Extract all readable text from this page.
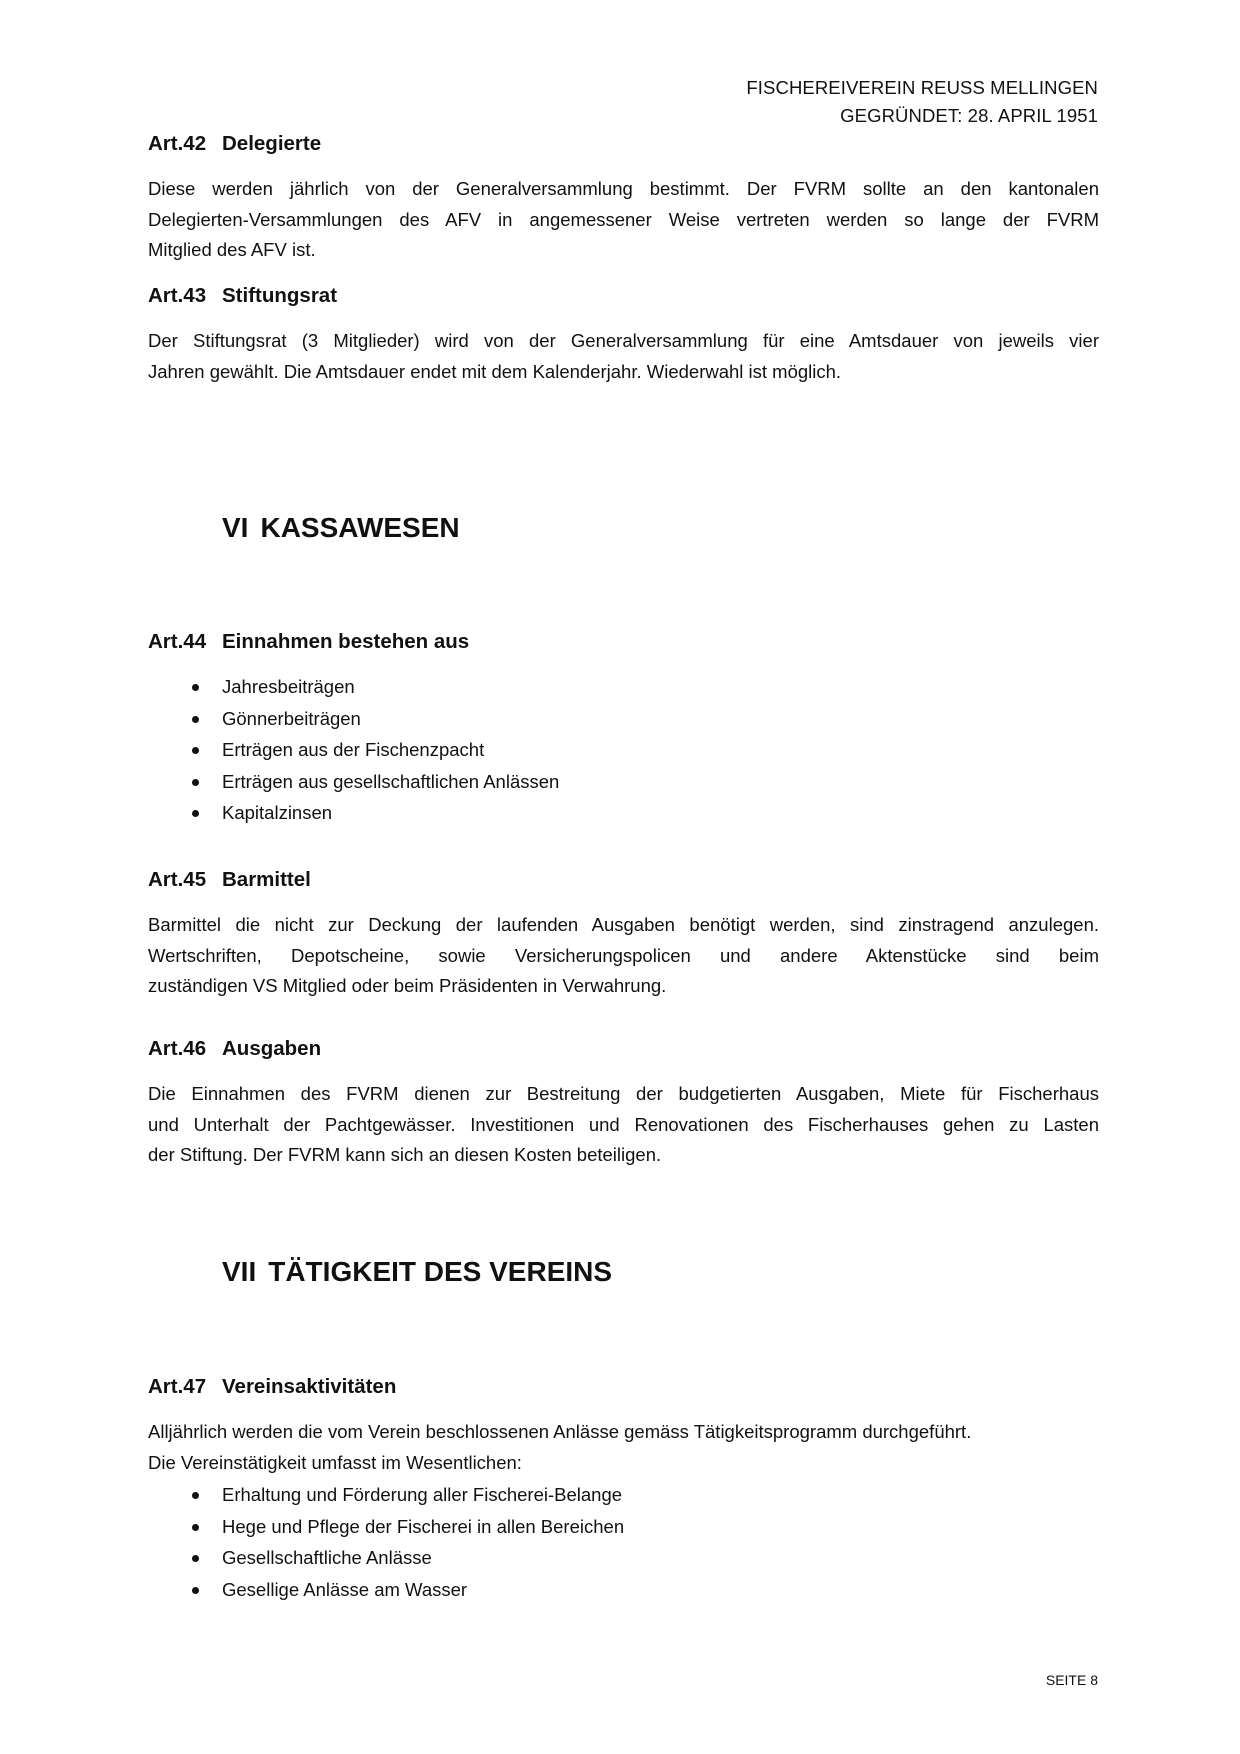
FISCHEREIVEREIN REUSS MELLINGEN
GEGRÜNDET: 28. APRIL 1951
Art.42 Delegierte
Diese werden jährlich von der Generalversammlung bestimmt. Der FVRM sollte an den kantonalen
Delegierten-Versammlungen des AFV in angemessener Weise vertreten werden so lange der FVRM
Mitglied des AFV ist.
Art.43 Stiftungsrat
Der Stiftungsrat (3 Mitglieder) wird von der Generalversammlung für eine Amtsdauer von jeweils vier
Jahren gewählt. Die Amtsdauer endet mit dem Kalenderjahr. Wiederwahl ist möglich.
VI KASSAWESEN
Art.44 Einnahmen bestehen aus
Jahresbeiträgen
Gönnerbeiträgen
Erträgen aus der Fischenzpacht
Erträgen aus gesellschaftlichen Anlässen
Kapitalzinsen
Art.45 Barmittel
Barmittel die nicht zur Deckung der laufenden Ausgaben benötigt werden, sind zinstragend anzulegen.
Wertschriften, Depotscheine, sowie Versicherungspolicen und andere Aktenstücke sind beim
zuständigen VS Mitglied oder beim Präsidenten in Verwahrung.
Art.46 Ausgaben
Die Einnahmen des FVRM dienen zur Bestreitung der budgetierten Ausgaben, Miete für Fischerhaus
und Unterhalt der Pachtgewässer. Investitionen und Renovationen des Fischerhauses gehen zu Lasten
der Stiftung. Der FVRM kann sich an diesen Kosten beteiligen.
VII TÄTIGKEIT DES VEREINS
Art.47 Vereinsaktivitäten
Alljährlich werden die vom Verein beschlossenen Anlässe gemäss Tätigkeitsprogramm durchgeführt.
Die Vereinstätigkeit umfasst im Wesentlichen:
Erhaltung und Förderung aller Fischerei-Belange
Hege und Pflege der Fischerei in allen Bereichen
Gesellschaftliche Anlässe
Gesellige Anlässe am Wasser
SEITE 8
